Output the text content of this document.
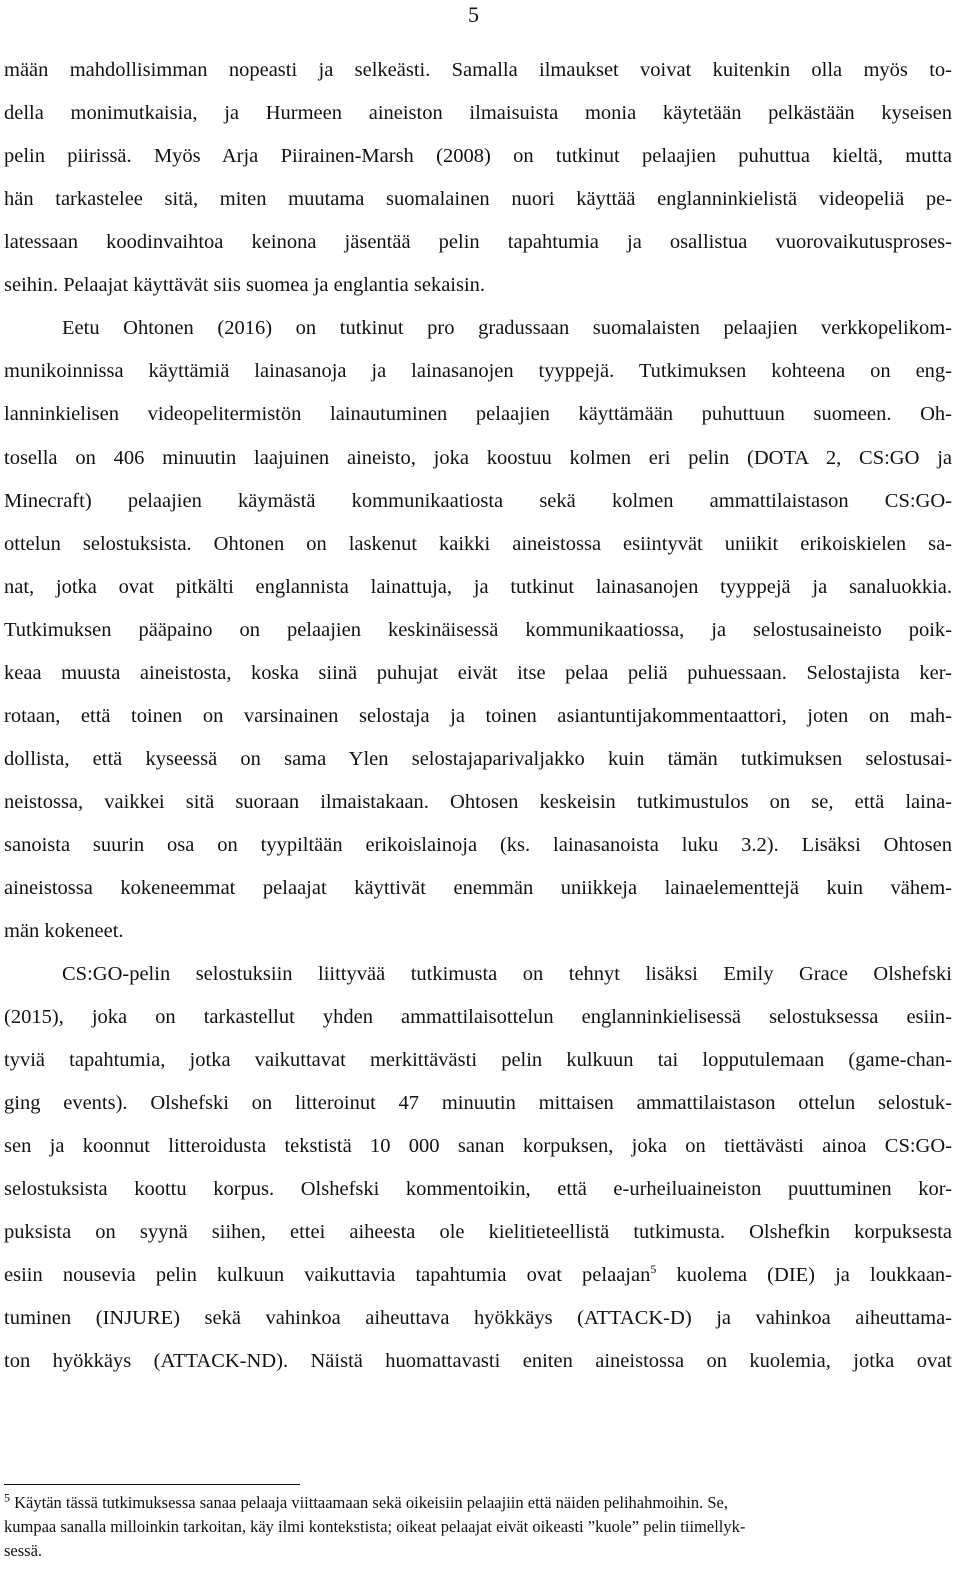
5
mään mahdollisimman nopeasti ja selkeästi. Samalla ilmaukset voivat kuitenkin olla myös to-
della monimutkaisia, ja Hurmeen aineiston ilmaisuista monia käytetään pelkästään kyseisen
pelin piirissä. Myös Arja Piirainen-Marsh (2008) on tutkinut pelaajien puhuttua kieltä, mutta
hän tarkastelee sitä, miten muutama suomalainen nuori käyttää englanninkielistä videopeliä pe-
latessaan koodinvaihtoa keinona jäsentää pelin tapahtumia ja osallistua vuorovaikutusproses-
seihin. Pelaajat käyttävät siis suomea ja englantia sekaisin.
Eetu Ohtonen (2016) on tutkinut pro gradussaan suomalaisten pelaajien verkkopelikom-
munikoinnissa käyttämiä lainasanoja ja lainasanojen tyyppejä. Tutkimuksen kohteena on eng-
lanninkielisen videopelitermistön lainautuminen pelaajien käyttämään puhuttuun suomeen. Oh-
tosella on 406 minuutin laajuinen aineisto, joka koostuu kolmen eri pelin (DOTA 2, CS:GO ja
Minecraft) pelaajien käymästä kommunikaatiosta sekä kolmen ammattilaistason CS:GO-
ottelun selostuksista. Ohtonen on laskenut kaikki aineistossa esiintyvät uniikit erikoiskielen sa-
nat, jotka ovat pitkälti englannista lainattuja, ja tutkinut lainasanojen tyyppejä ja sanaluokkia.
Tutkimuksen pääpaino on pelaajien keskinäisessä kommunikaatiossa, ja selostusaineisto poik-
keaa muusta aineistosta, koska siinä puhujat eivät itse pelaa peliä puhuessaan. Selostajista ker-
rotaan, että toinen on varsinainen selostaja ja toinen asiantuntijakommentaattori, joten on mah-
dollista, että kyseessä on sama Ylen selostajaparivaljakko kuin tämän tutkimuksen selostusai-
neistossa, vaikkei sitä suoraan ilmaistakaan. Ohtosen keskeisin tutkimustulos on se, että laina-
sanoista suurin osa on tyypiltään erikoislainoja (ks. lainasanoista luku 3.2). Lisäksi Ohtosen
aineistossa kokeneemmat pelaajat käyttivät enemmän uniikkeja lainaelementtejä kuin vähem-
män kokeneet.
CS:GO-pelin selostuksiin liittyvää tutkimusta on tehnyt lisäksi Emily Grace Olshefski
(2015), joka on tarkastellut yhden ammattilaisottelun englanninkielisessä selostuksessa esiin-
tyviä tapahtumia, jotka vaikuttavat merkittävästi pelin kulkuun tai lopputulemaan (game-chan-
ging events). Olshefski on litteroinut 47 minuutin mittaisen ammattilaistason ottelun selostuk-
sen ja koonnut litteroidusta tekstistä 10 000 sanan korpuksen, joka on tiettävästi ainoa CS:GO-
selostuksista koottu korpus. Olshefski kommentoikin, että e-urheiluaineiston puuttuminen kor-
puksista on syynä siihen, ettei aiheesta ole kielitieteellistä tutkimusta. Olshefkin korpuksesta
esiin nousevia pelin kulkuun vaikuttavia tapahtumia ovat pelaajan$^5$ kuolema (DIE) ja loukkaan-
tuminen (INJURE) sekä vahinkoa aiheuttava hyökkäys (ATTACK-D) ja vahinkoa aiheuttama-
ton hyökkäys (ATTACK-ND). Näistä huomattavasti eniten aineistossa on kuolemia, jotka ovat
$^5$ Käytän tässä tutkimuksessa sanaa pelaaja viittaamaan sekä oikeisiin pelaajiin että näiden pelihahmoihin. Se,
kumpaa sanalla milloinkin tarkoitan, käy ilmi kontekstista; oikeat pelaajat eivät oikeasti ”kuole” pelin tiimellyk-
sessä.
